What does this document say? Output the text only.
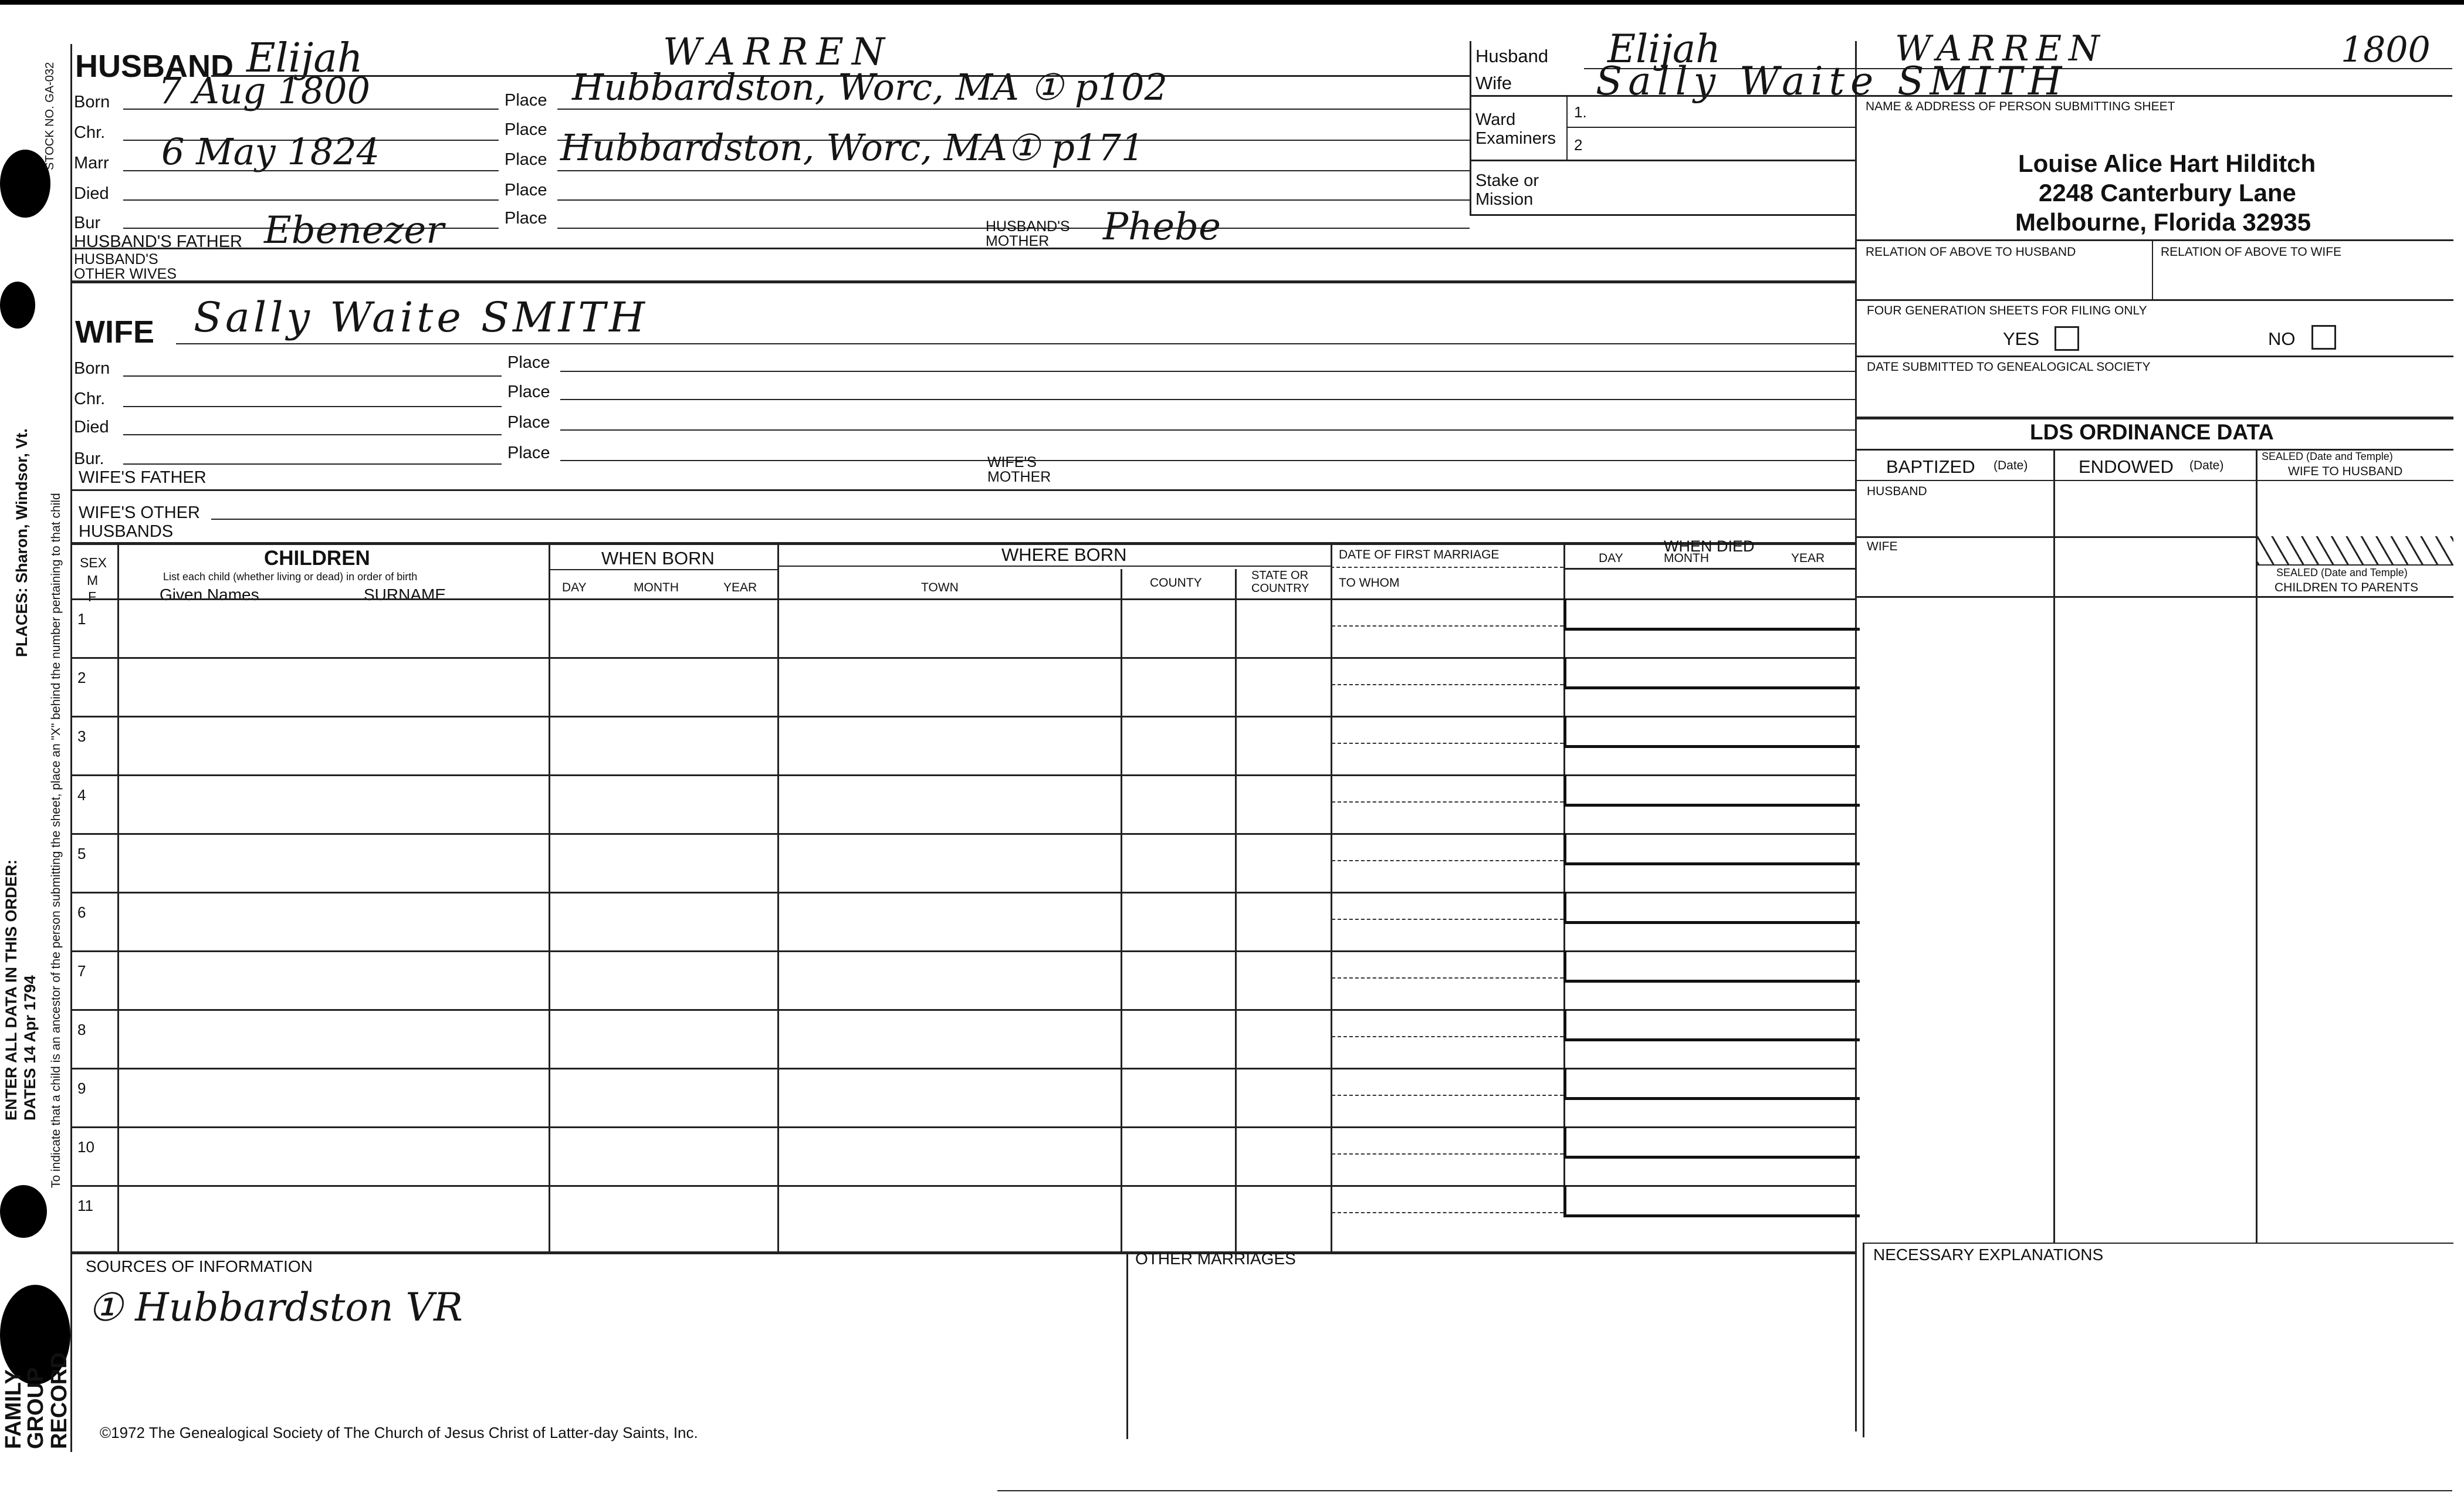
STOCK NO. GA-032
PLACES: Sharon, Windsor, Vt. To indicate that a child is an ancestor of the person submitting the sheet, place an "X" behind the number pertaining to that child
ENTER ALL DATA IN THIS ORDER: DATES 14 Apr 1794
FAMILY
GROUP
RECORD
HUSBAND Elijah	WARREN
Born 7 Aug 1800	Place Hubbardston, Worc, MA ① p102
Chr.	Place
Marr 6 May 1824	Place Hubbardston, Worc, MA① p171
Died	Place
Bur	Place
HUSBAND'S FATHER Ebenezer	HUSBAND'S
MOTHER Phebe
HUSBAND'S
OTHER WIVES
WIFE Sally Waite SMITH
Born	Place
Chr.	Place
Died	Place
Bur.	Place
WIFE'S FATHER
WIFE'S
MOTHER
WIFE'S OTHER
HUSBANDS
Husband Elijah	WARREN	1800
Wife Sally Waite SMITH
Ward
Examiners
1.
2
Stake or
Mission
NAME & ADDRESS OF PERSON SUBMITTING SHEET
Louise Alice Hart Hilditch
2248 Canterbury Lane
Melbourne, Florida 32935
RELATION OF ABOVE TO HUSBAND	RELATION OF ABOVE TO WIFE
FOUR GENERATION SHEETS FOR FILING ONLY
YES	NO
DATE SUBMITTED TO GENEALOGICAL SOCIETY
LDS ORDINANCE DATA
BAPTIZED (Date)	ENDOWED (Date)
SEALED (Date and Temple)
WIFE TO HUSBAND
HUSBAND
WIFE
SEALED (Date and Temple)
CHILDREN TO PARENTS
SEX
M
F
CHILDREN
List each child (whether living or dead) in order of birth
Given Names	SURNAME
WHEN BORN
DAY	MONTH	YEAR
WHERE BORN
TOWN	COUNTY
STATE OR
COUNTRY
DATE OF FIRST MARRIAGE
TO WHOM
WHEN DIED
DAY	MONTH	YEAR
1
2
3
4
5
6
7
8
9
10
11
SOURCES OF INFORMATION
① Hubbardston VR
OTHER MARRIAGES	NECESSARY EXPLANATIONS
©1972 The Genealogical Society of The Church of Jesus Christ of Latter-day Saints, Inc.
